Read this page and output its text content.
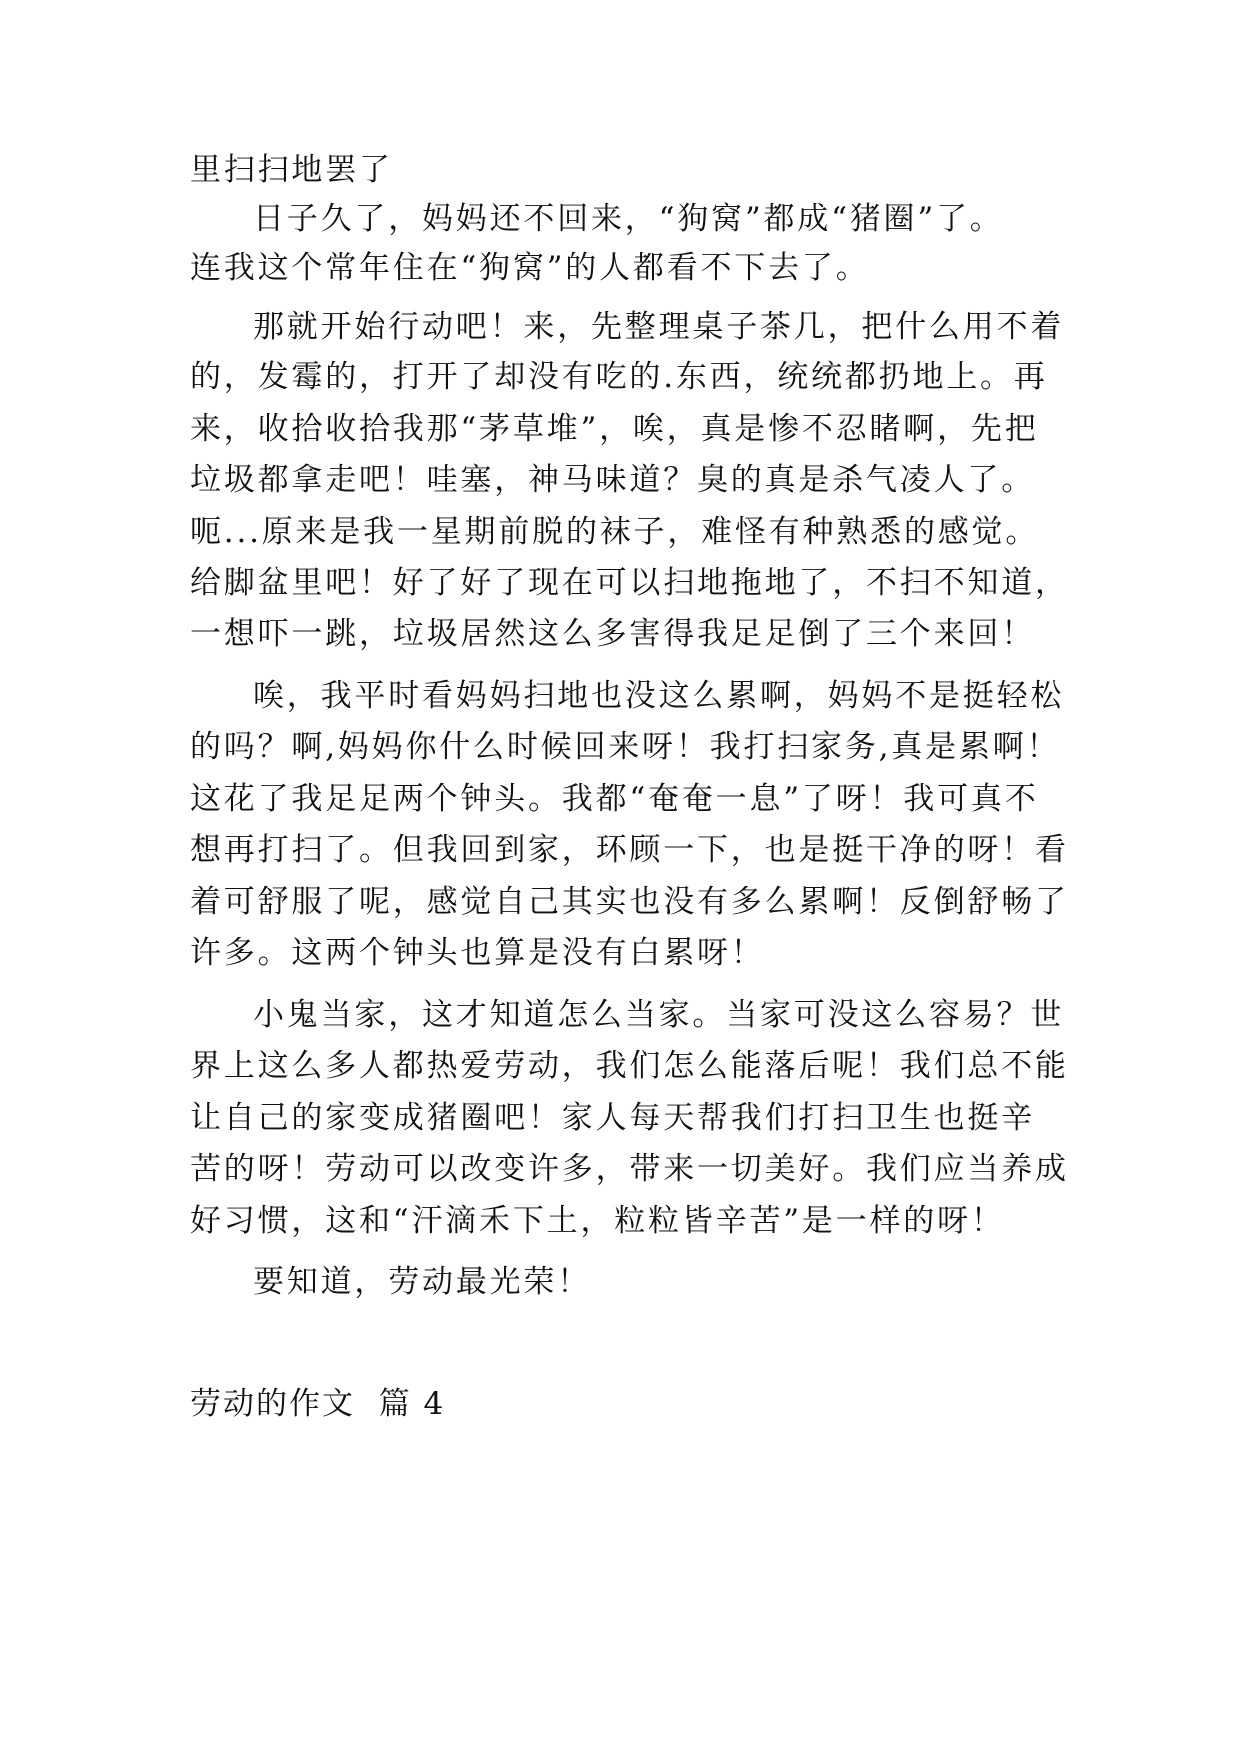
里扫扫地罢了
日子久了，妈妈还不回来，“狗窝”都成“猪圈”了。
连我这个常年住在“狗窝”的人都看不下去了。
那就开始行动吧！来，先整理桌子茶几，把什么用不着
的，发霉的，打开了却没有吃的.东西，统统都扔地上。再
来，收拾收拾我那“茅草堆”，唉，真是惨不忍睹啊，先把
垃圾都拿走吧！哇塞，神马味道？臭的真是杀气凌人了。
呃...原来是我一星期前脱的袜子，难怪有种熟悉的感觉。
给脚盆里吧！好了好了现在可以扫地拖地了，不扫不知道，
一想吓一跳，垃圾居然这么多害得我足足倒了三个来回！
唉，我平时看妈妈扫地也没这么累啊，妈妈不是挺轻松
的吗？啊,妈妈你什么时候回来呀！我打扫家务,真是累啊！
这花了我足足两个钟头。我都“奄奄一息”了呀！我可真不
想再打扫了。但我回到家，环顾一下，也是挺干净的呀！看
着可舒服了呢，感觉自己其实也没有多么累啊！反倒舒畅了
许多。这两个钟头也算是没有白累呀！
小鬼当家，这才知道怎么当家。当家可没这么容易？世
界上这么多人都热爱劳动，我们怎么能落后呢！我们总不能
让自己的家变成猪圈吧！家人每天帮我们打扫卫生也挺辛
苦的呀！劳动可以改变许多，带来一切美好。我们应当养成
好习惯，这和“汗滴禾下土，粒粒皆辛苦”是一样的呀！
要知道，劳动最光荣！
劳动的作文  篇 4
